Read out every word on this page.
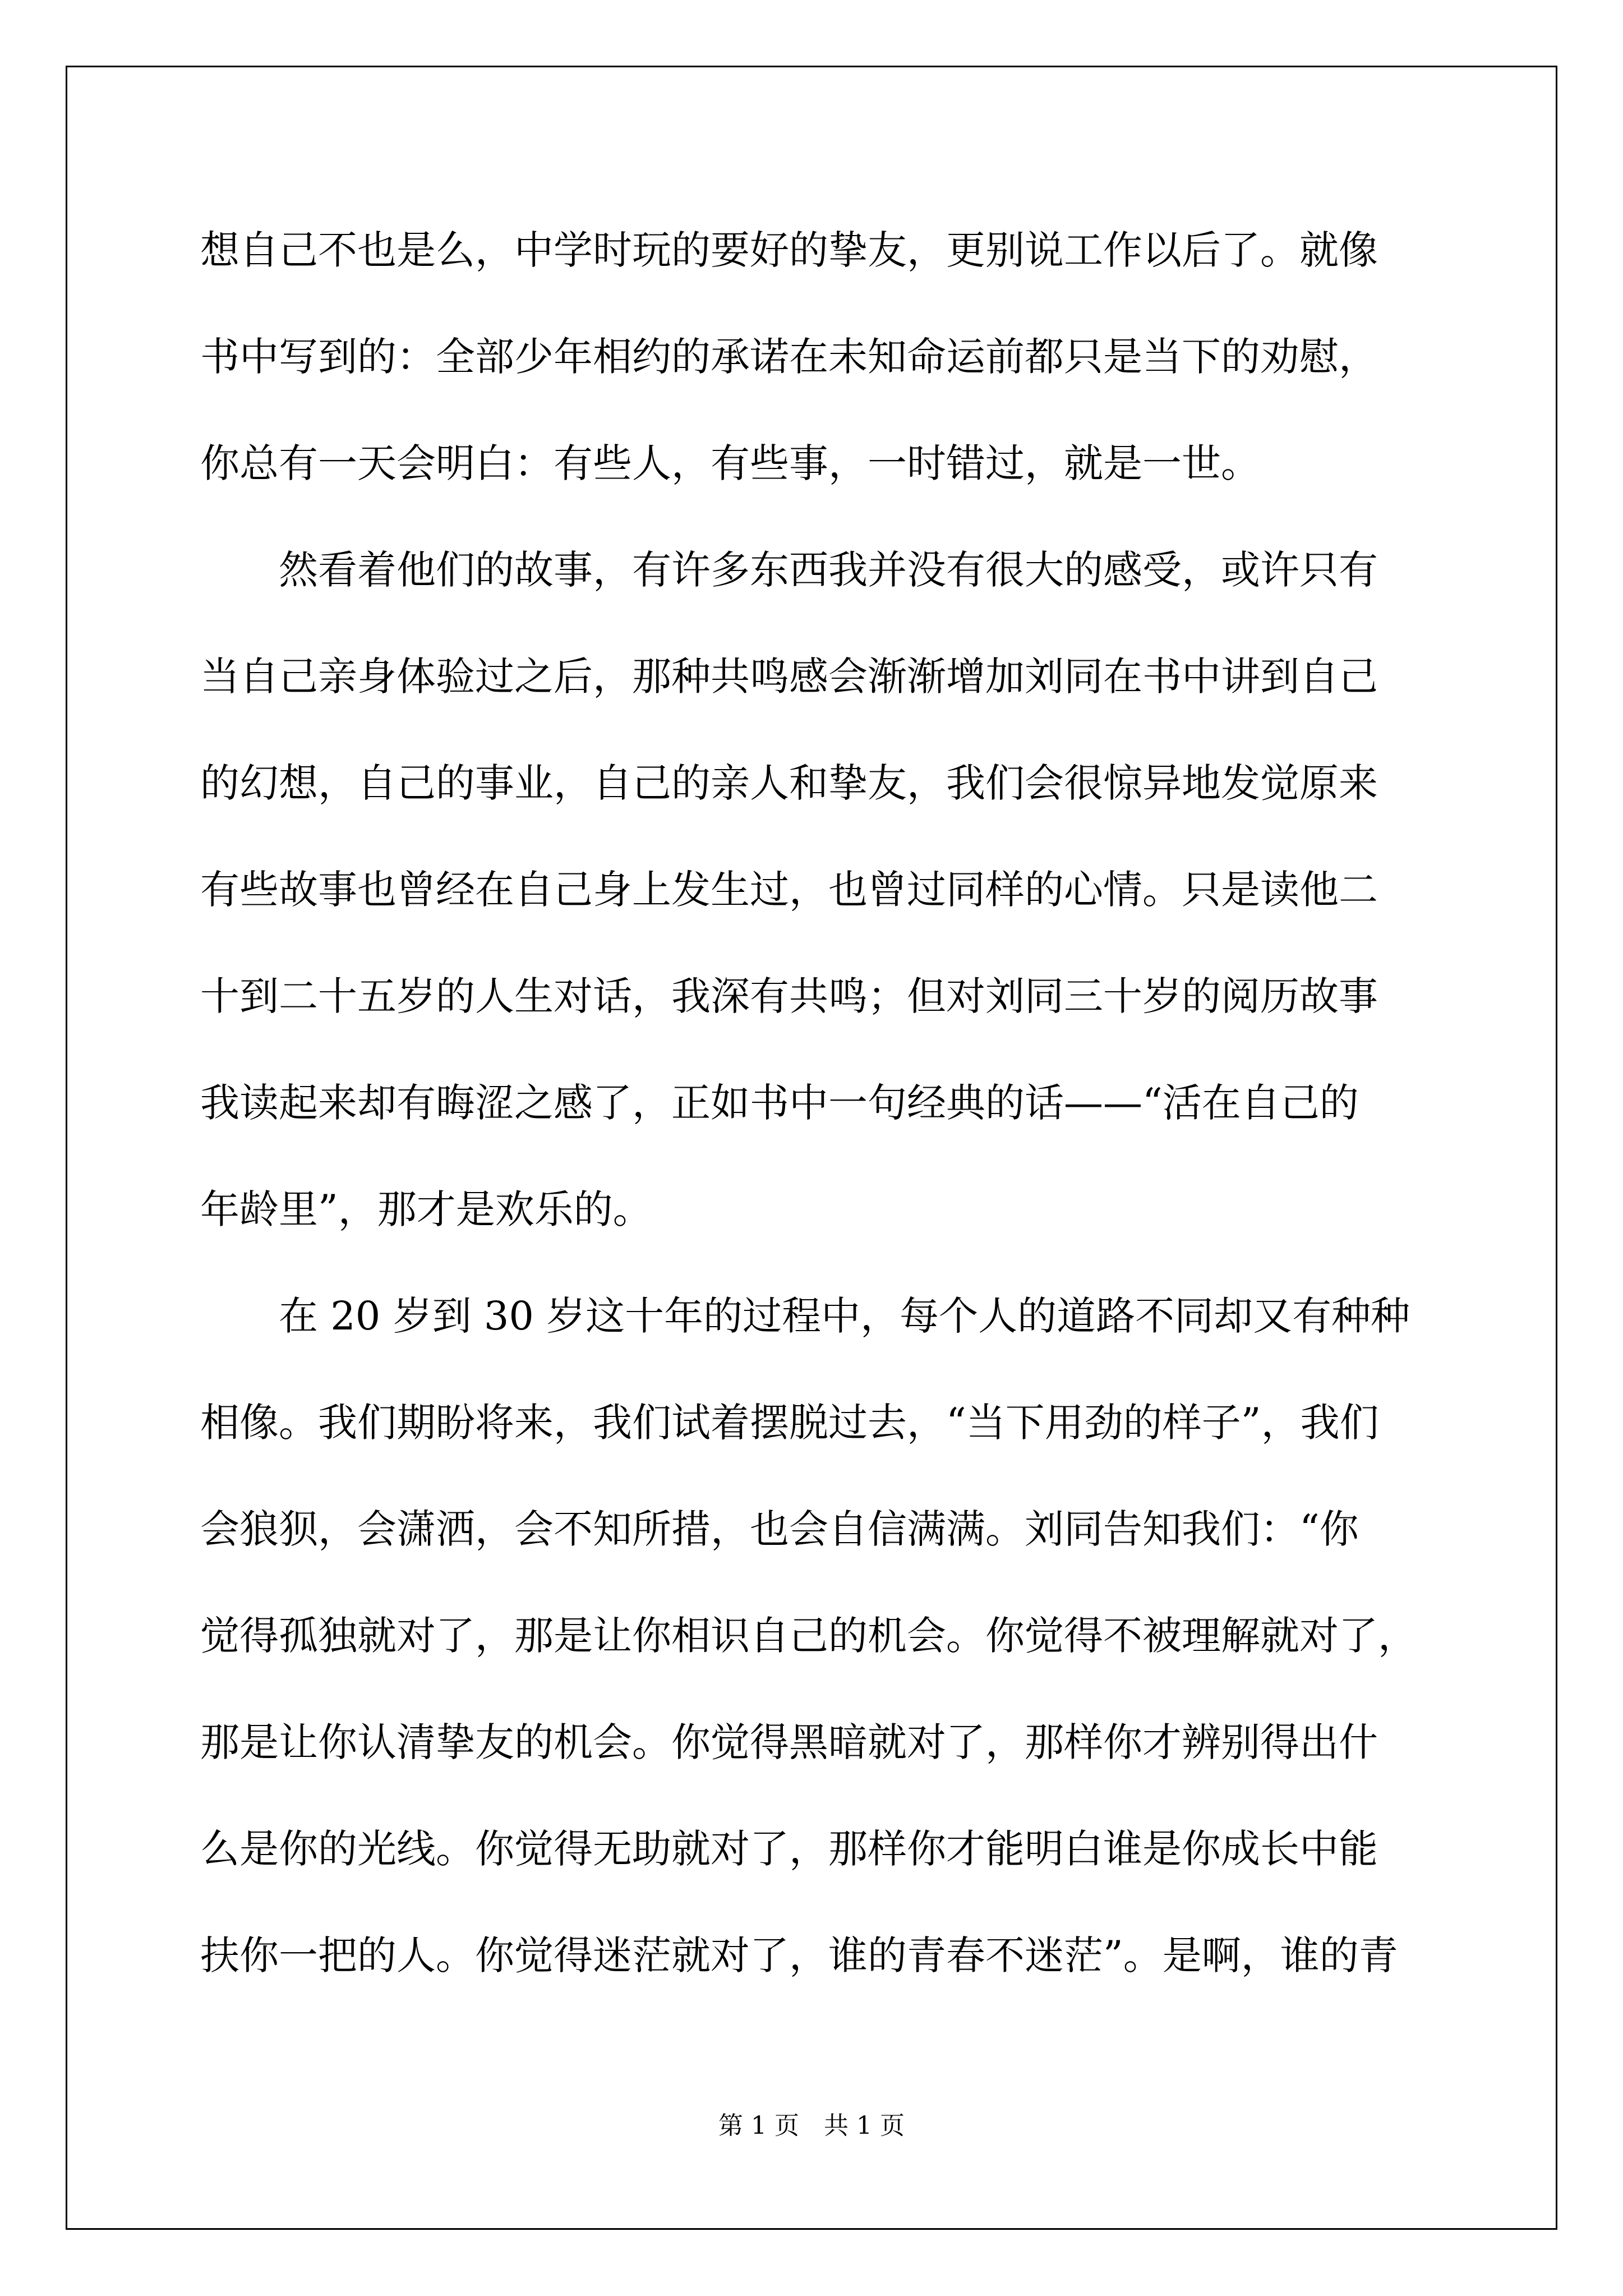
想自己不也是么，中学时玩的要好的挚友，更别说工作以后了。就像
书中写到的：全部少年相约的承诺在未知命运前都只是当下的劝慰，
你总有一天会明白：有些人，有些事，一时错过，就是一世。
然看着他们的故事，有许多东西我并没有很大的感受，或许只有
当自己亲身体验过之后，那种共鸣感会渐渐增加刘同在书中讲到自己
的幻想，自己的事业，自己的亲人和挚友，我们会很惊异地发觉原来
有些故事也曾经在自己身上发生过，也曾过同样的心情。只是读他二
十到二十五岁的人生对话，我深有共鸣；但对刘同三十岁的阅历故事
我读起来却有晦涩之感了，正如书中一句经典的话——“活在自己的
年龄里”，那才是欢乐的。
在 20 岁到 30 岁这十年的过程中，每个人的道路不同却又有种种
相像。我们期盼将来，我们试着摆脱过去，“当下用劲的样子”，我们
会狼狈，会潇洒，会不知所措，也会自信满满。刘同告知我们：“你
觉得孤独就对了，那是让你相识自己的机会。你觉得不被理解就对了，
那是让你认清挚友的机会。你觉得黑暗就对了，那样你才辨别得出什
么是你的光线。你觉得无助就对了，那样你才能明白谁是你成长中能
扶你一把的人。你觉得迷茫就对了，谁的青春不迷茫”。是啊，谁的青
第 1 页　共 1 页
